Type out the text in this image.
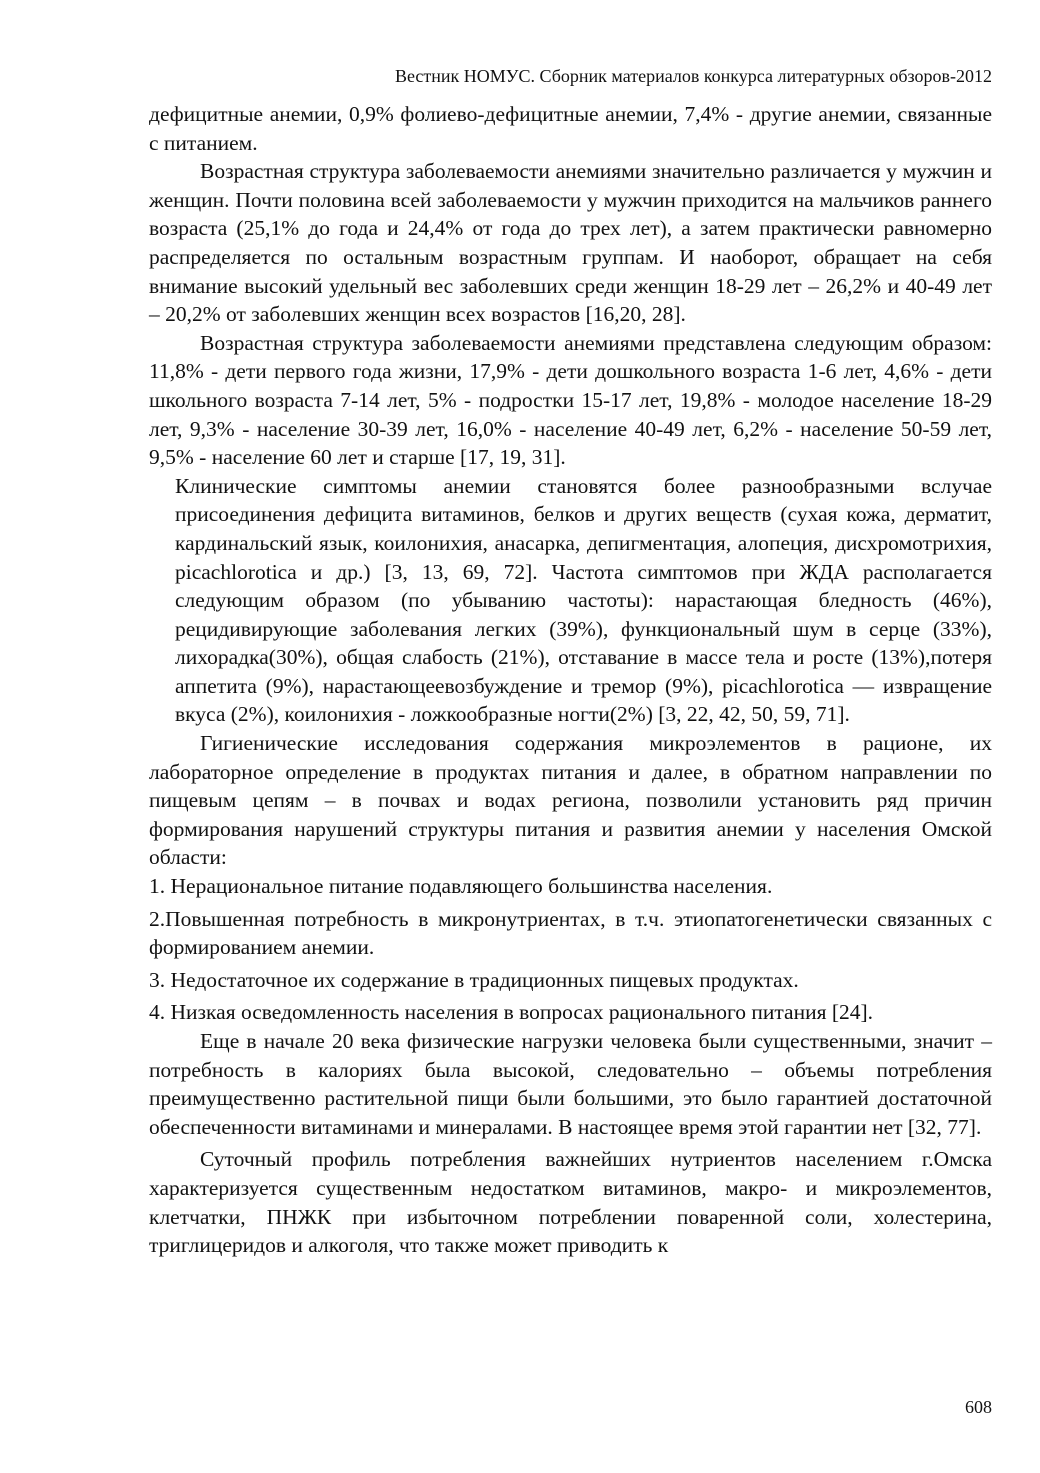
Вестник НОМУС. Сборник материалов конкурса литературных обзоров-2012

дефицитные анемии, 0,9% фолиево-дефицитные анемии, 7,4% - другие анемии, связанные с питанием.

Возрастная структура заболеваемости анемиями значительно различается у мужчин и женщин. Почти половина всей заболеваемости у мужчин приходится на мальчиков раннего возраста (25,1% до года и 24,4% от года до трех лет), а затем практически равномерно распределяется по остальным возрастным группам. И наоборот, обращает на себя внимание высокий удельный вес заболевших среди женщин 18-29 лет – 26,2% и 40-49 лет – 20,2% от заболевших женщин всех возрастов [16,20, 28].

Возрастная структура заболеваемости анемиями представлена следующим образом: 11,8% - дети первого года жизни, 17,9% - дети дошкольного возраста 1-6 лет, 4,6% - дети школьного возраста 7-14 лет, 5% - подростки 15-17 лет, 19,8% - молодое население 18-29 лет, 9,3% - население 30-39 лет, 16,0% - население 40-49 лет, 6,2% - население 50-59 лет, 9,5% - население 60 лет и старше [17, 19, 31].

Клинические симптомы анемии становятся более разнообразными вслучае присоединения дефицита витаминов, белков и других веществ (сухая кожа, дерматит, кардинальский язык, коилонихия, анасарка, депигментация, алопеция, дисхромотрихия, picachlorotica и др.) [3, 13, 69, 72]. Частота симптомов при ЖДА располагается следующим образом (по убыванию частоты): нарастающая бледность (46%), рецидивирующие заболевания легких (39%), функциональный шум в серце (33%), лихорадка(30%), общая слабость (21%), отставание в массе тела и росте (13%),потеря аппетита (9%), нарастающеевозбуждение и тремор (9%), picachlorotica — извращение вкуса (2%), коилонихия - ложкообразные ногти(2%) [3, 22, 42, 50, 59, 71].

Гигиенические исследования содержания микроэлементов в рационе, их лабораторное определение в продуктах питания и далее, в обратном направлении по пищевым цепям – в почвах и водах региона, позволили установить ряд причин формирования нарушений структуры питания и развития анемии у населения Омской области:

1. Нерациональное питание подавляющего большинства населения.

2.Повышенная потребность в микронутриентах, в т.ч. этиопатогенетически связанных с формированием анемии.

3. Недостаточное их содержание в традиционных пищевых продуктах.

4. Низкая осведомленность населения в вопросах рационального питания [24].

Еще в начале 20 века физические нагрузки человека были существенными, значит – потребность в калориях была высокой, следовательно – объемы потребления преимущественно растительной пищи были большими, это было гарантией достаточной обеспеченности витаминами и минералами. В настоящее время этой гарантии нет [32, 77].

Суточный профиль потребления важнейших нутриентов населением г.Омска характеризуется существенным недостатком витаминов, макро- и микроэлементов, клетчатки, ПНЖК при избыточном потреблении поваренной соли, холестерина, триглицеридов и алкоголя, что также может приводить к

608
